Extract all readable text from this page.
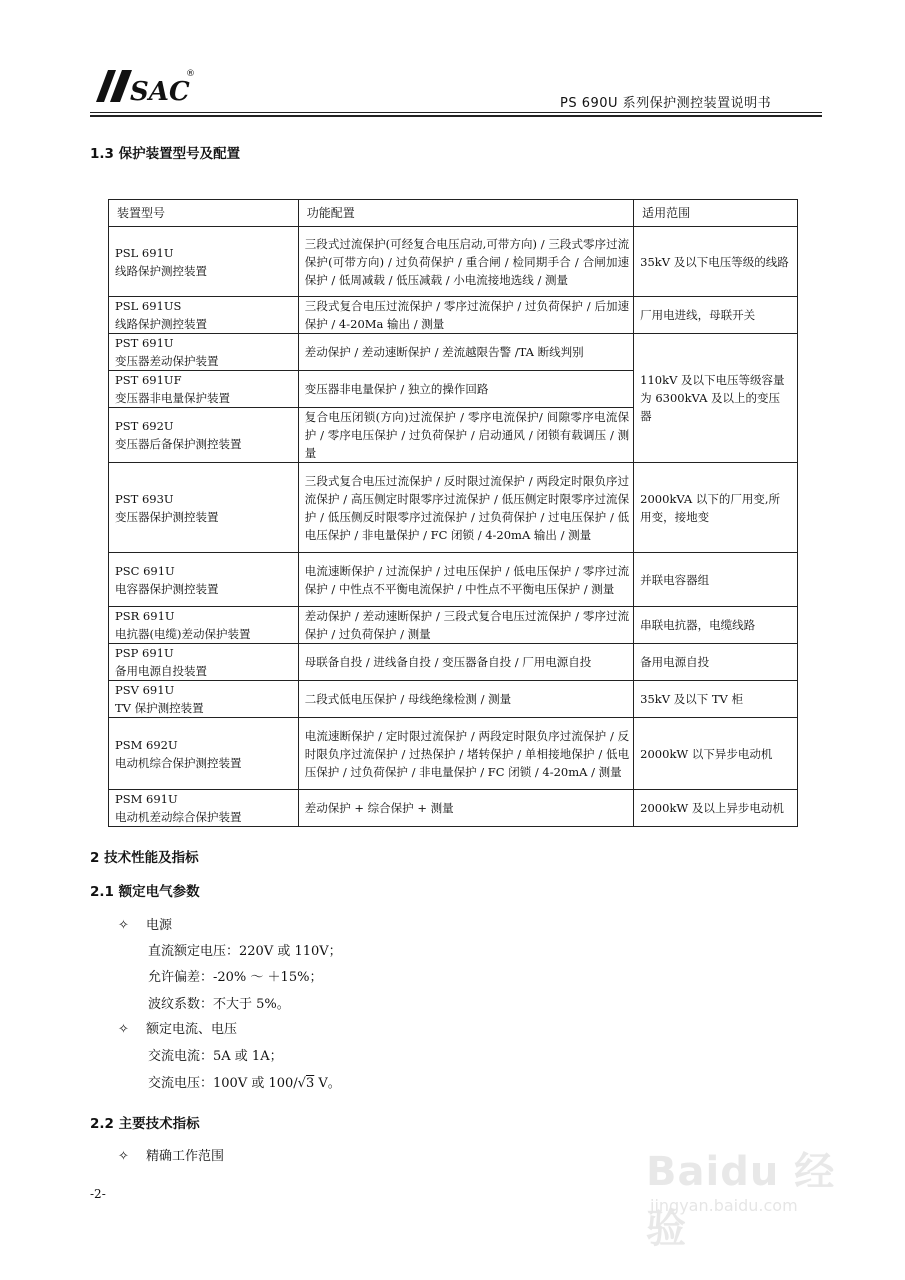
SAC
®
PS 690U 系列保护测控装置说明书
1.3 保护装置型号及配置
装置型号	功能配置	适用范围

PSL 691U
线路保护测控装置	三段式过流保护(可经复合电压启动,可带方向) / 三段式零序过流保护(可带方向) / 过负荷保护 / 重合闸 / 检同期手合 / 合闸加速保护 / 低周减载 / 低压减载 / 小电流接地选线 / 测量	35kV 及以下电压等级的线路

PSL 691US
线路保护测控装置	三段式复合电压过流保护 / 零序过流保护 / 过负荷保护 / 后加速保护 / 4-20Ma 输出 / 测量	厂用电进线，母联开关

PST 691U
变压器差动保护装置	差动保护 / 差动速断保护 / 差流越限告警 /TA 断线判别	110kV 及以下电压等级容量为 6300kVA 及以上的变压器

PST 691UF
变压器非电量保护装置	变压器非电量保护 / 独立的操作回路	

PST 692U
变压器后备保护测控装置	复合电压闭锁(方向)过流保护 / 零序电流保护/ 间隙零序电流保护 / 零序电压保护 / 过负荷保护 / 启动通风 / 闭锁有载调压 / 测量	

PST 693U
变压器保护测控装置	三段式复合电压过流保护 / 反时限过流保护 / 两段定时限负序过流保护 / 高压侧定时限零序过流保护 / 低压侧定时限零序过流保护 / 低压侧反时限零序过流保护 / 过负荷保护 / 过电压保护 / 低电压保护 / 非电量保护 / FC 闭锁 / 4-20mA 输出 / 测量	2000kVA 以下的厂用变,所用变，接地变

PSC 691U
电容器保护测控装置	电流速断保护 / 过流保护 / 过电压保护 / 低电压保护 / 零序过流保护 / 中性点不平衡电流保护 / 中性点不平衡电压保护 / 测量	并联电容器组

PSR 691U
电抗器(电缆)差动保护装置	差动保护 / 差动速断保护 / 三段式复合电压过流保护 / 零序过流保护 / 过负荷保护 / 测量	串联电抗器，电缆线路

PSP 691U
备用电源自投装置	母联备自投 / 进线备自投 / 变压器备自投 / 厂用电源自投	备用电源自投

PSV 691U
TV 保护测控装置	二段式低电压保护 / 母线绝缘检测 / 测量	35kV 及以下 TV 柜

PSM 692U
电动机综合保护测控装置	电流速断保护 / 定时限过流保护 / 两段定时限负序过流保护 / 反时限负序过流保护 / 过热保护 / 堵转保护 / 单相接地保护 / 低电压保护 / 过负荷保护 / 非电量保护 / FC 闭锁 / 4-20mA / 测量	2000kW 以下异步电动机

PSM 691U
电动机差动综合保护装置	差动保护 + 综合保护 + 测量	2000kW 及以上异步电动机
2 技术性能及指标
2.1 额定电气参数
✧ 电源
直流额定电压：220V 或 110V；
允许偏差：-20% ～ ＋15%；
波纹系数：不大于 5%。
✧ 额定电流、电压
交流电流：5A 或 1A；
交流电压：100V 或 100/√3 V。
2.2 主要技术指标
✧ 精确工作范围
-2-	Baidu 经验
jingyan.baidu.com
